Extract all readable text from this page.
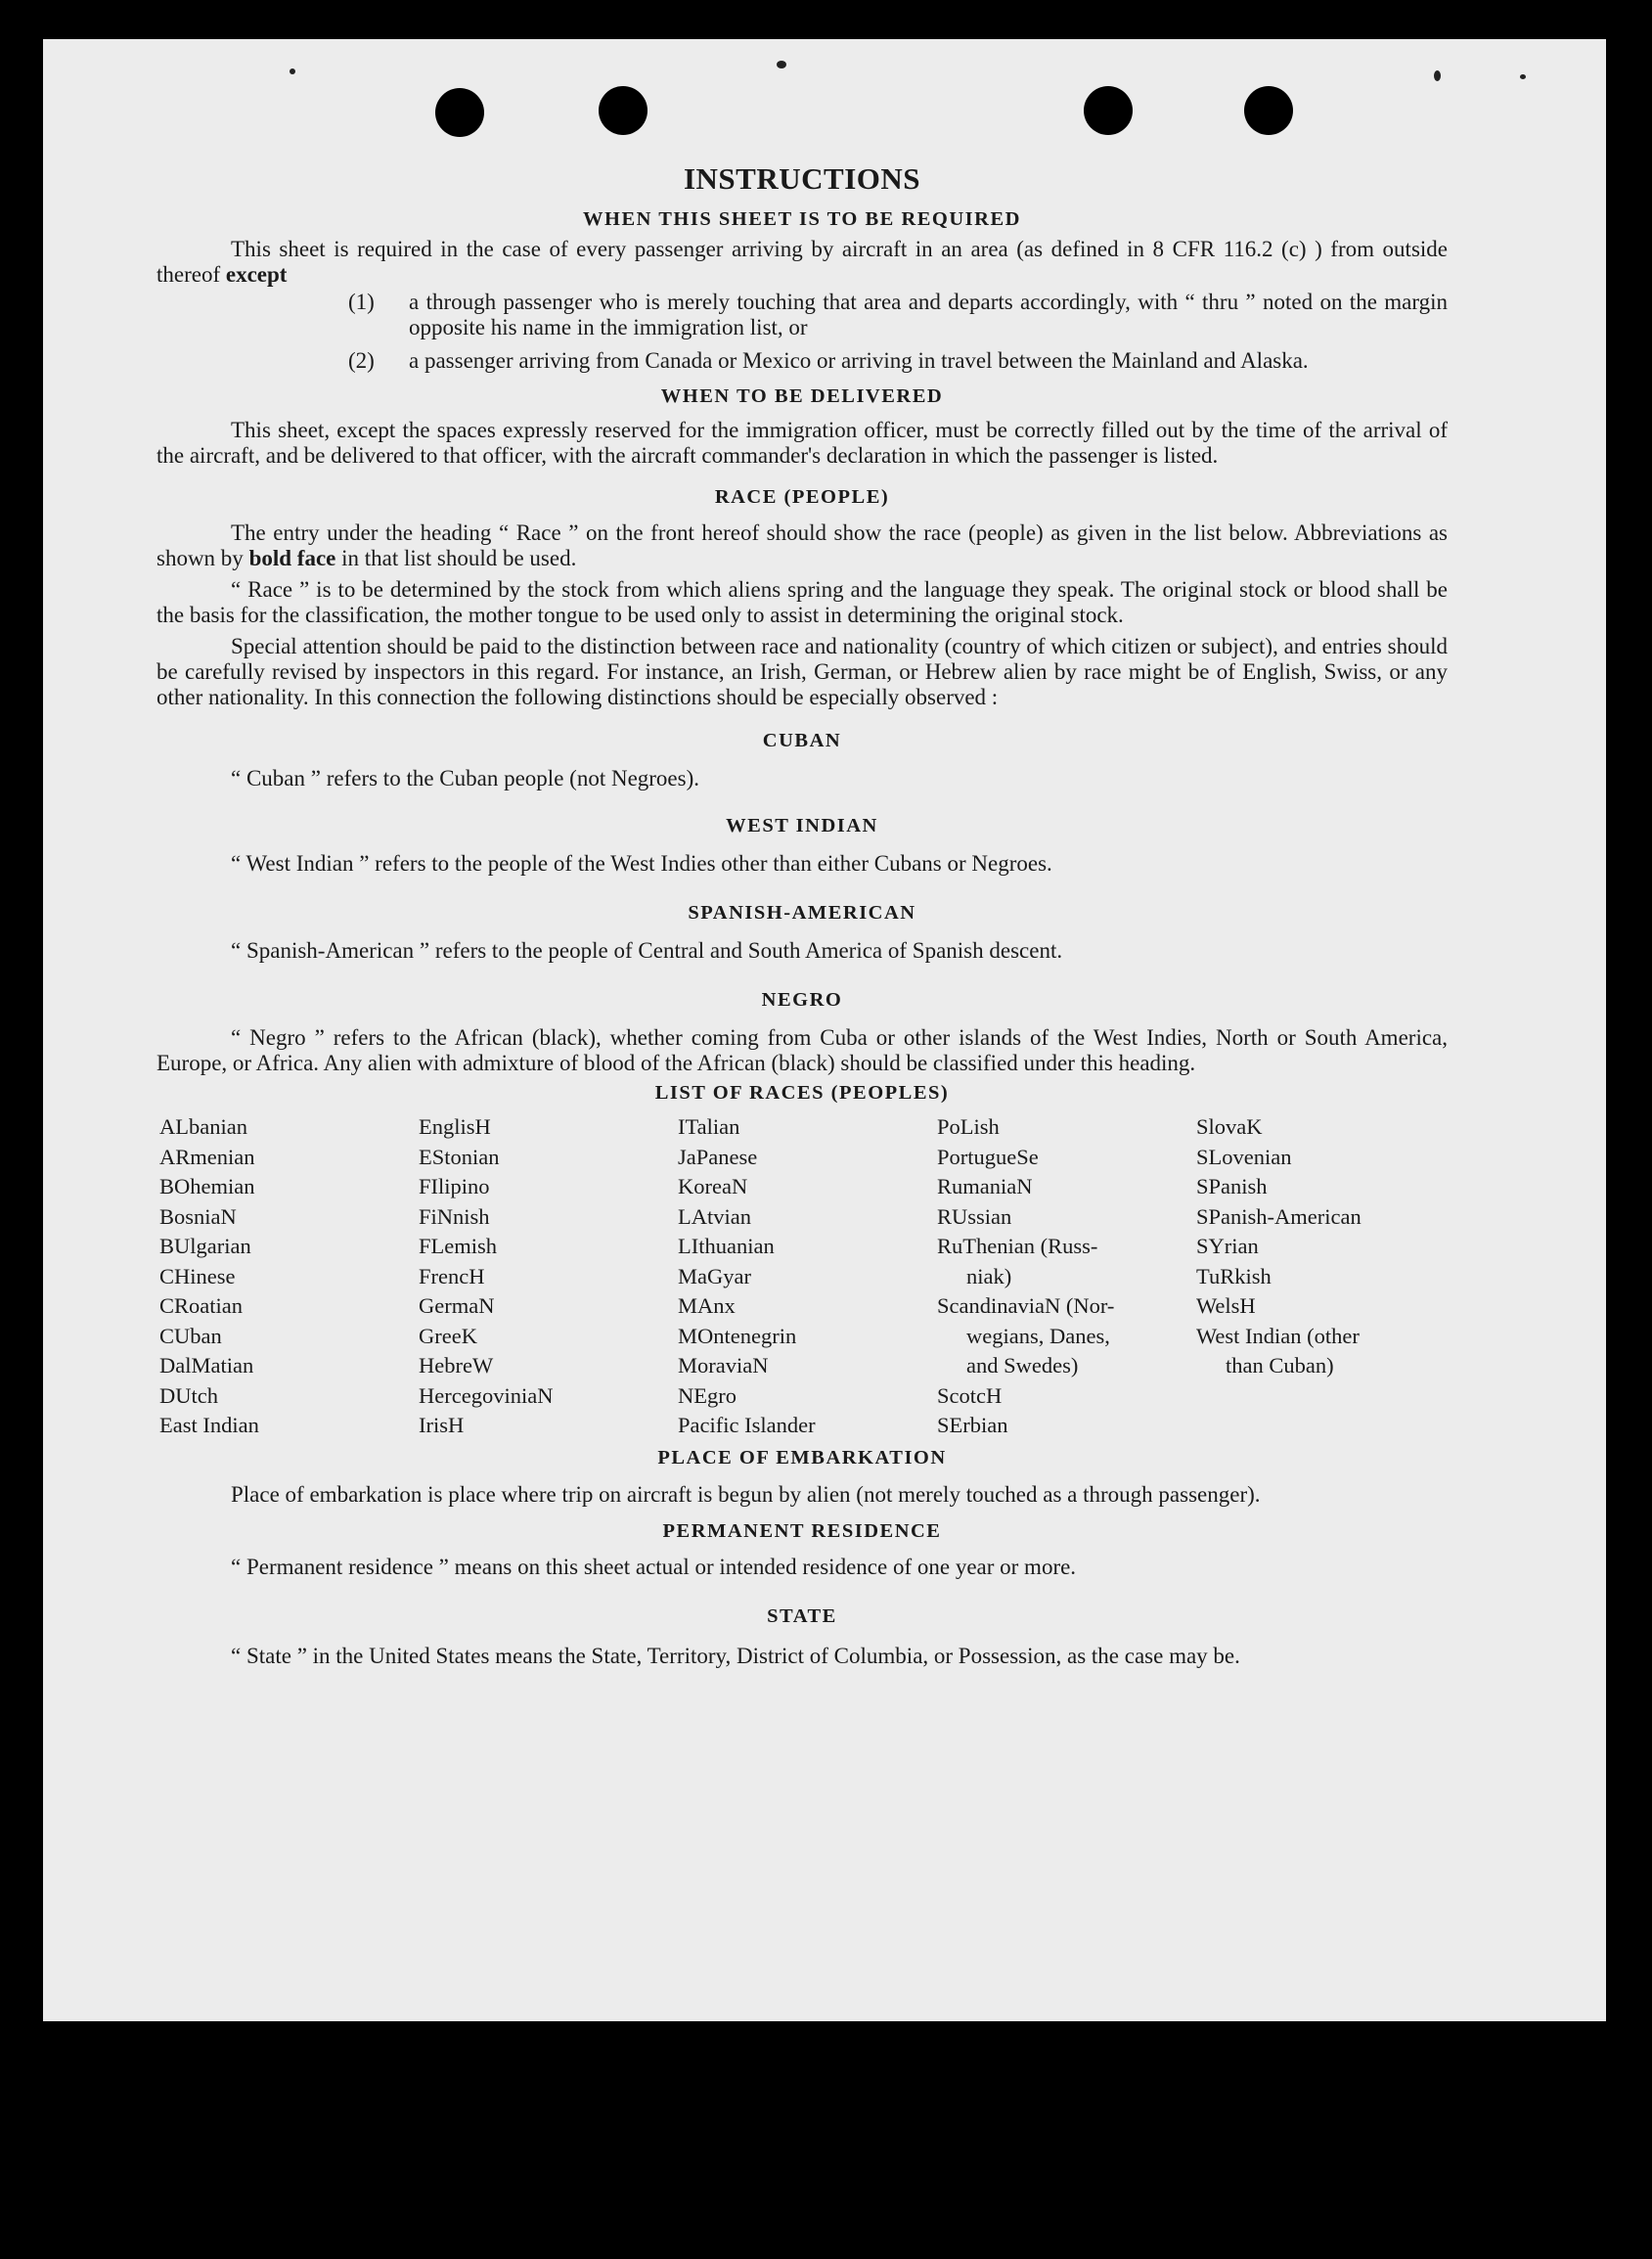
INSTRUCTIONS
WHEN THIS SHEET IS TO BE REQUIRED

This sheet is required in the case of every passenger arriving by aircraft in an area (as defined in 8 CFR 116.2 (c) ) from outside thereof except

(1)	a through passenger who is merely touching that area and departs accordingly, with “ thru ” noted on the margin opposite his name in the immigration list, or
(2)	a passenger arriving from Canada or Mexico or arriving in travel between the Mainland and Alaska.
WHEN TO BE DELIVERED

This sheet, except the spaces expressly reserved for the immigration officer, must be correctly filled out by the time of the arrival of the aircraft, and be delivered to that officer, with the aircraft commander's declaration in which the passenger is listed.

RACE (PEOPLE)

The entry under the heading “ Race ” on the front hereof should show the race (people) as given in the list below. Abbreviations as shown by bold face in that list should be used.

“ Race ” is to be determined by the stock from which aliens spring and the language they speak. The original stock or blood shall be the basis for the classification, the mother tongue to be used only to assist in determining the original stock.

Special attention should be paid to the distinction between race and nationality (country of which citizen or subject), and entries should be carefully revised by inspectors in this regard. For instance, an Irish, German, or Hebrew alien by race might be of English, Swiss, or any other nationality. In this connection the following distinctions should be especially observed :

CUBAN

“ Cuban ” refers to the Cuban people (not Negroes).

WEST INDIAN

“ West Indian ” refers to the people of the West Indies other than either Cubans or Negroes.

SPANISH-AMERICAN

“ Spanish-American ” refers to the people of Central and South America of Spanish descent.

NEGRO

“ Negro ” refers to the African (black), whether coming from Cuba or other islands of the West Indies, North or South America, Europe, or Africa. Any alien with admixture of blood of the African (black) should be classified under this heading.

LIST OF RACES (PEOPLES)
ALbanian
ARmenian
BOhemian
BosniaN
BUlgarian
CHinese
CRoatian
CUban
DalMatian
DUtch
East Indian
EnglisH
EStonian
FIlipino
FiNnish
FLemish
FrencH
GermaN
GreeK
HebreW
HercegoviniaN
IrisH
ITalian
JaPanese
KoreaN
LAtvian
LIthuanian
MaGyar
MAnx
MOntenegrin
MoraviaN
NEgro
Pacific Islander
PoLish
PortugueSe
RumaniaN
RUssian
RuThenian (Russ-
niak)
ScandinaviaN (Nor-
wegians, Danes,
and Swedes)
ScotcH
SErbian
SlovaK
SLovenian
SPanish
SPanish-American
SYrian
TuRkish
WelsH
West Indian (other
than Cuban)
PLACE OF EMBARKATION

Place of embarkation is place where trip on aircraft is begun by alien (not merely touched as a through passenger).

PERMANENT RESIDENCE

“ Permanent residence ” means on this sheet actual or intended residence of one year or more.

STATE

“ State ” in the United States means the State, Territory, District of Columbia, or Possession, as the case may be.
